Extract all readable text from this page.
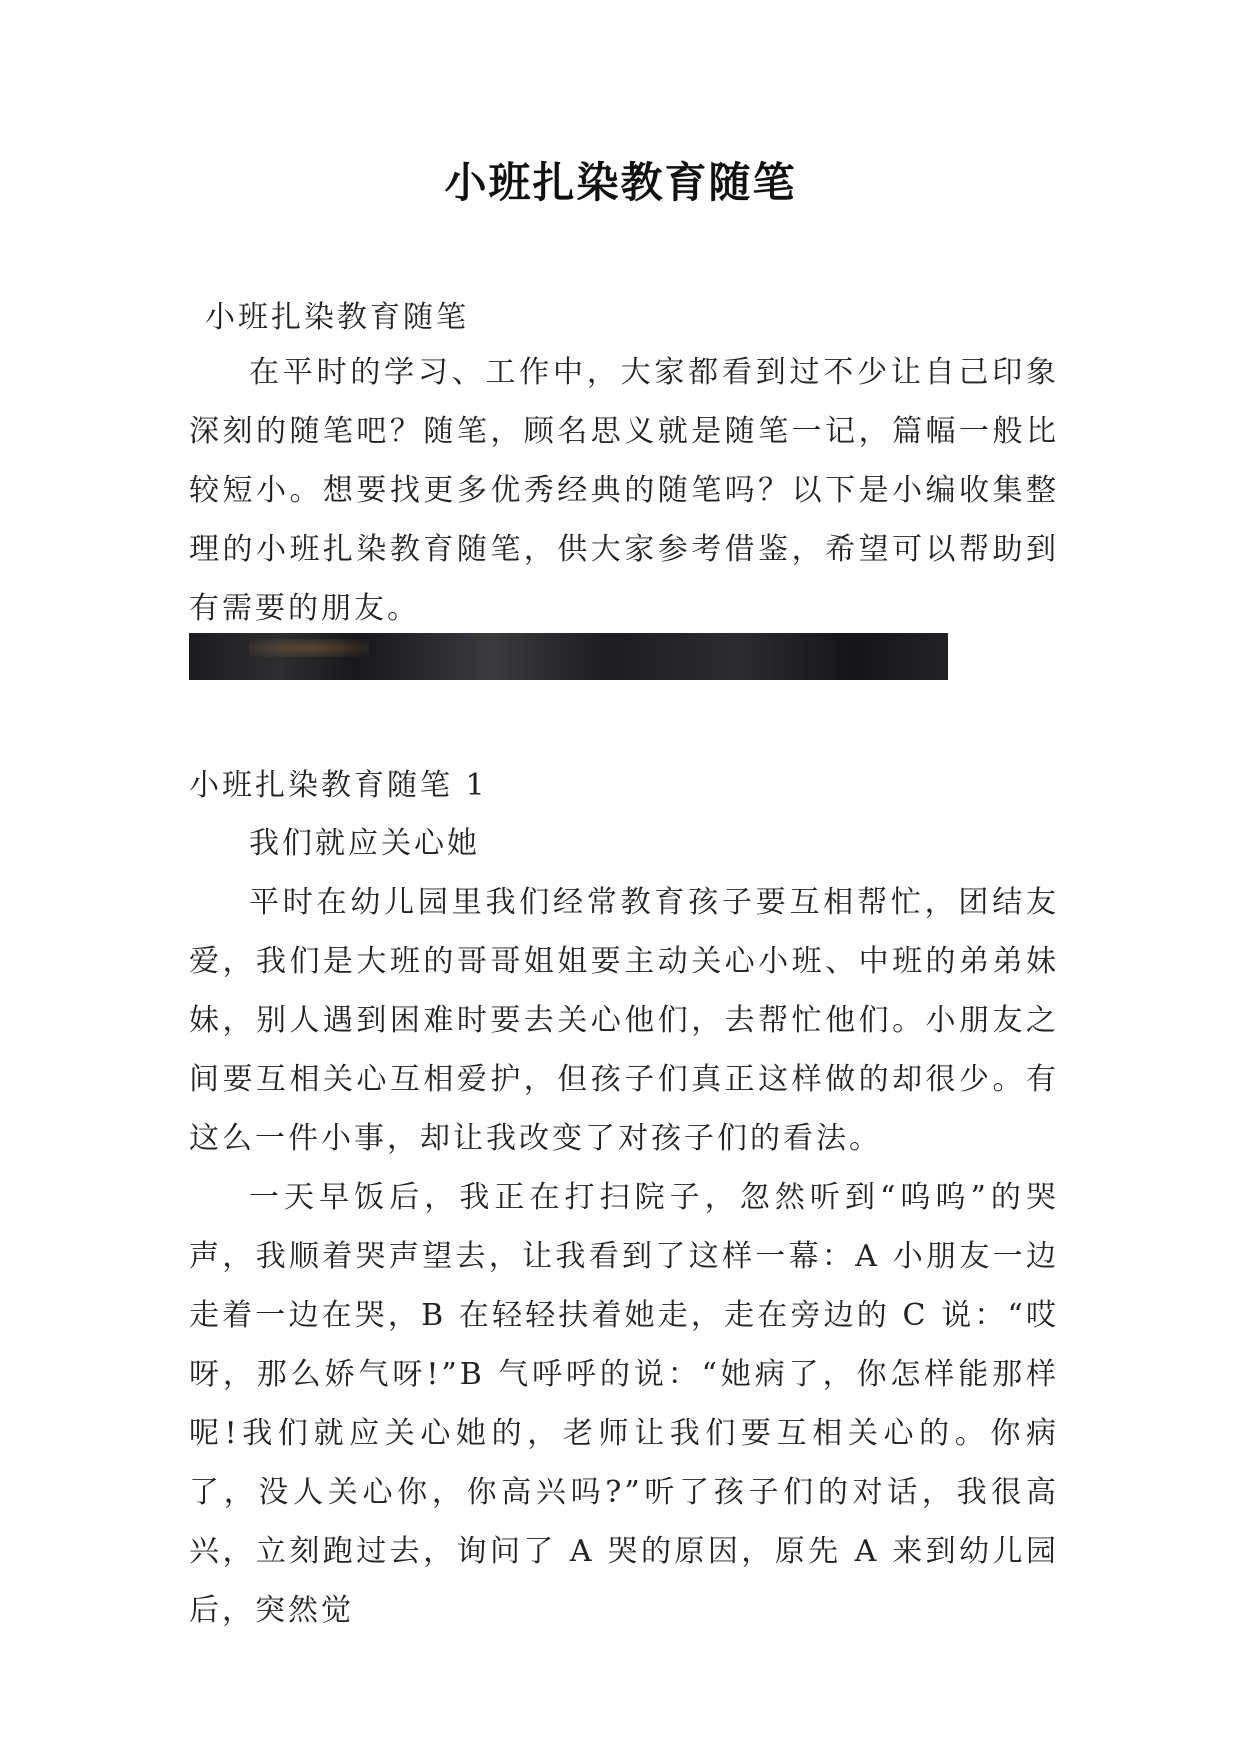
小班扎染教育随笔

小班扎染教育随笔

在平时的学习、工作中，大家都看到过不少让自己印象深刻的随笔吧？随笔，顾名思义就是随笔一记，篇幅一般比较短小。想要找更多优秀经典的随笔吗？以下是小编收集整理的小班扎染教育随笔，供大家参考借鉴，希望可以帮助到有需要的朋友。

小班扎染教育随笔 1

我们就应关心她

平时在幼儿园里我们经常教育孩子要互相帮忙，团结友爱，我们是大班的哥哥姐姐要主动关心小班、中班的弟弟妹妹，别人遇到困难时要去关心他们，去帮忙他们。小朋友之间要互相关心互相爱护，但孩子们真正这样做的却很少。有这么一件小事，却让我改变了对孩子们的看法。

一天早饭后，我正在打扫院子，忽然听到“呜呜”的哭声，我顺着哭声望去，让我看到了这样一幕：A 小朋友一边走着一边在哭，B 在轻轻扶着她走，走在旁边的 C 说：“哎呀，那么娇气呀!”B 气呼呼的说：“她病了，你怎样能那样呢!我们就应关心她的，老师让我们要互相关心的。你病了，没人关心你，你高兴吗?”听了孩子们的对话，我很高兴，立刻跑过去，询问了 A 哭的原因，原先 A 来到幼儿园后，突然觉
